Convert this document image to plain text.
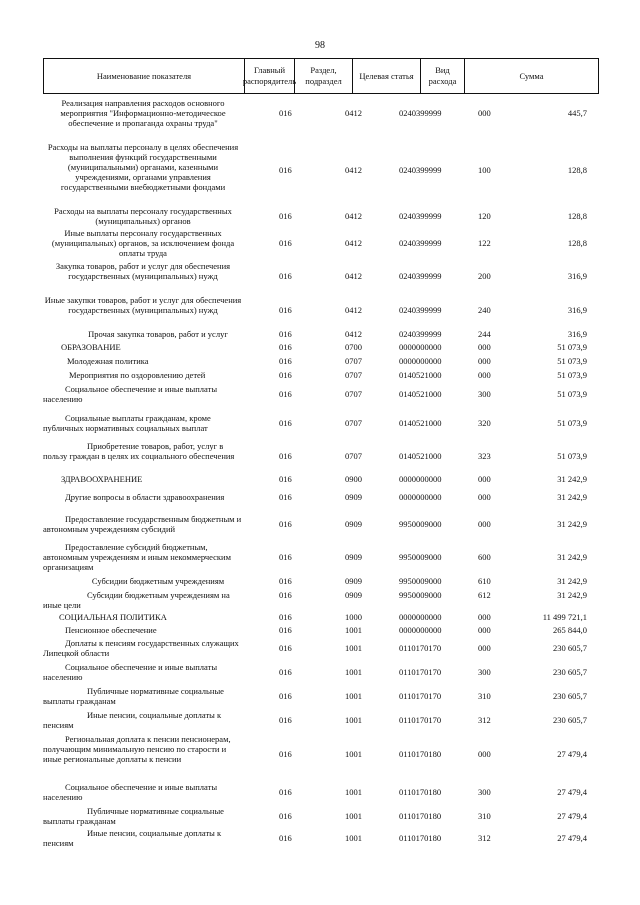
98
Наименование показателя
Главный распорядитель
Раздел, подраздел
Целевая статья
Вид расхода
Сумма
Реализация направления расходов основного мероприятия "Информационно-методическое обеспечение и пропаганда охраны труда"
016	0412	0240399999	000	445,7
Расходы на выплаты персоналу в целях обеспечения выполнения функций государственными (муниципальными) органами, казенными учреждениями, органами управления государственными внебюджетными фондами
016	0412	0240399999	100	128,8
Расходы на выплаты персоналу государственных (муниципальных) органов	016	0412	0240399999	120	128,8
Иные выплаты персоналу государственных (муниципальных) органов, за исключением фонда оплаты труда
016	0412	0240399999	122	128,8
Закупка товаров, работ и услуг для обеспечения государственных (муниципальных) нужд	016	0412	0240399999	200	316,9
Иные закупки товаров, работ и услуг для обеспечения государственных (муниципальных) нужд	016	0412	0240399999	240	316,9
Прочая закупка товаров, работ и услуг	016	0412	0240399999	244	316,9
ОБРАЗОВАНИЕ	016	0700	0000000000	000	51 073,9
Молодежная политика	016	0707	0000000000	000	51 073,9
Мероприятия по оздоровлению детей	016	0707	0140521000	000	51 073,9
Социальное обеспечение и иные выплаты населению	016	0707	0140521000	300	51 073,9
Социальные выплаты гражданам, кроме публичных нормативных социальных выплат	016	0707	0140521000	320	51 073,9
Приобретение товаров, работ, услуг в пользу граждан в целях их социального обеспечения	016	0707	0140521000	323	51 073,9
ЗДРАВООХРАНЕНИЕ	016	0900	0000000000	000	31 242,9
Другие вопросы в области здравоохранения	016	0909	0000000000	000	31 242,9
Предоставление государственным бюджетным и автономным учреждениям субсидий	016	0909	9950009000	000	31 242,9
Предоставление субсидий бюджетным, автономным учреждениям и иным некоммерческим организациям
016	0909	9950009000	600	31 242,9
Субсидии бюджетным учреждениям	016	0909	9950009000	610	31 242,9
Субсидии бюджетным учреждениям на иные цели
016	0909	9950009000	612	31 242,9
СОЦИАЛЬНАЯ ПОЛИТИКА	016	1000	0000000000	000	11 499 721,1
Пенсионное обеспечение	016	1001	0000000000	000	265 844,0
Доплаты к пенсиям государственных служащих Липецкой области	016	1001	0110170170	000	230 605,7
Социальное обеспечение и иные выплаты населению	016	1001	0110170170	300	230 605,7
Публичные нормативные социальные выплаты гражданам	016	1001	0110170170	310	230 605,7
Иные пенсии, социальные доплаты к пенсиям	016	1001	0110170170	312	230 605,7
Региональная доплата к пенсии пенсионерам, получающим минимальную пенсию по старости и иные региональные доплаты к пенсии	016	1001	0110170180	000	27 479,4
Социальное обеспечение и иные выплаты населению	016	1001	0110170180	300	27 479,4
Публичные нормативные социальные выплаты гражданам	016	1001	0110170180	310	27 479,4
Иные пенсии, социальные доплаты к пенсиям	016	1001	0110170180	312	27 479,4
